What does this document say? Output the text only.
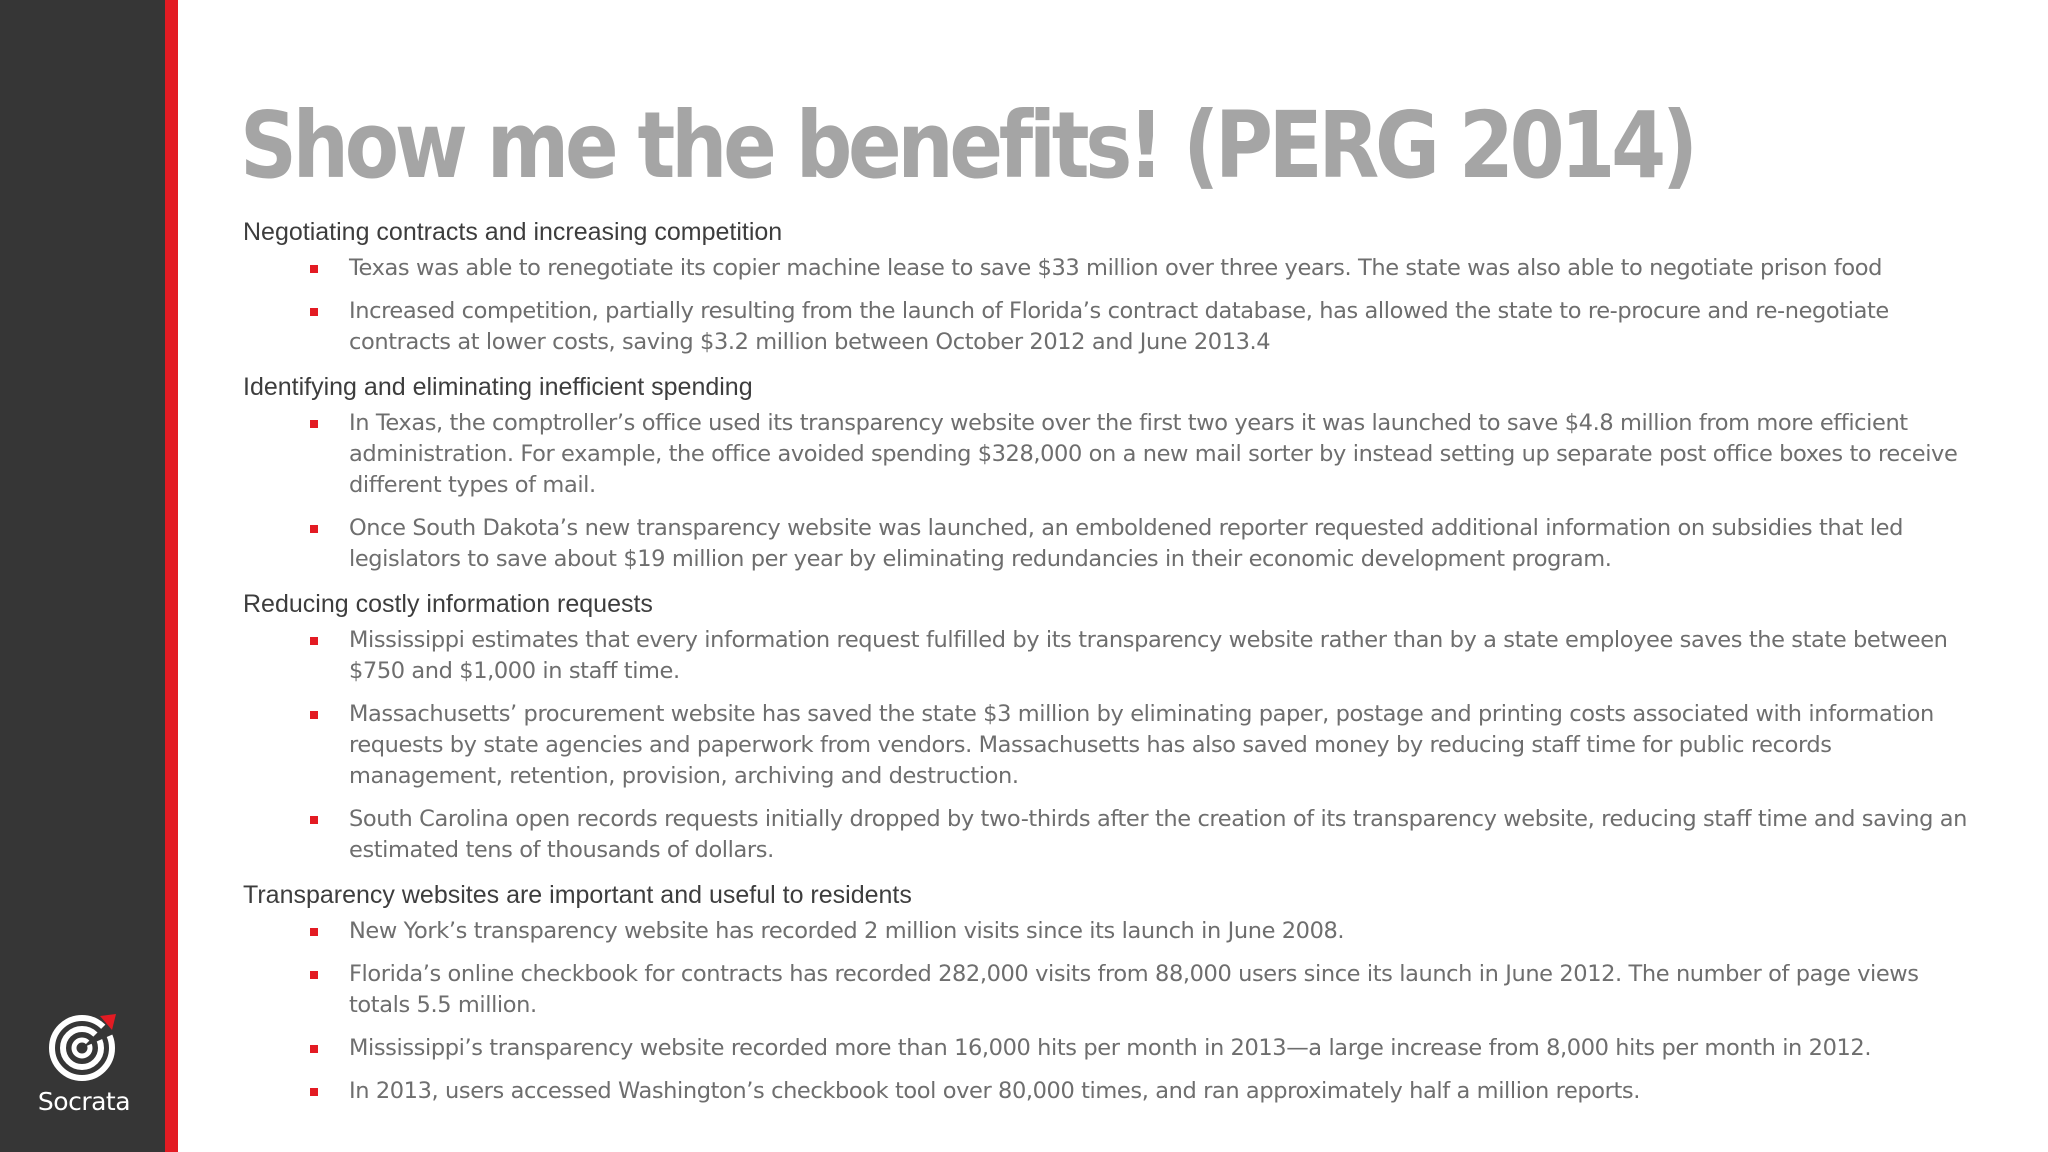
Socrata
Show me the benefits! (PERG 2014)
Negotiating contracts and increasing competition
Texas was able to renegotiate its copier machine lease to save $33 million over three years. The state was also able to negotiate prison food
Increased competition, partially resulting from the launch of Florida’s contract database, has allowed the state to re-procure and re-negotiate contracts at lower costs, saving $3.2 million between October 2012 and June 2013.4
Identifying and eliminating inefficient spending
In Texas, the comptroller’s office used its transparency website over the first two years it was launched to save $4.8 million from more efficient administration. For example, the office avoided spending $328,000 on a new mail sorter by instead setting up separate post office boxes to receive different types of mail.
Once South Dakota’s new transparency website was launched, an emboldened reporter requested additional information on subsidies that led legislators to save about $19 million per year by eliminating redundancies in their economic development program.
Reducing costly information requests
Mississippi estimates that every information request fulfilled by its transparency website rather than by a state employee saves the state between $750 and $1,000 in staff time.
Massachusetts’ procurement website has saved the state $3 million by eliminating paper, postage and printing costs associated with information requests by state agencies and paperwork from vendors. Massachusetts has also saved money by reducing staff time for public records management, retention, provision, archiving and destruction.
South Carolina open records requests initially dropped by two-thirds after the creation of its transparency website, reducing staff time and saving an estimated tens of thousands of dollars.
Transparency websites are important and useful to residents
New York’s transparency website has recorded 2 million visits since its launch in June 2008.
Florida’s online checkbook for contracts has recorded 282,000 visits from 88,000 users since its launch in June 2012. The number of page views totals 5.5 million.
Mississippi’s transparency website recorded more than 16,000 hits per month in 2013—a large increase from 8,000 hits per month in 2012.
In 2013, users accessed Washington’s checkbook tool over 80,000 times, and ran approximately half a million reports.
